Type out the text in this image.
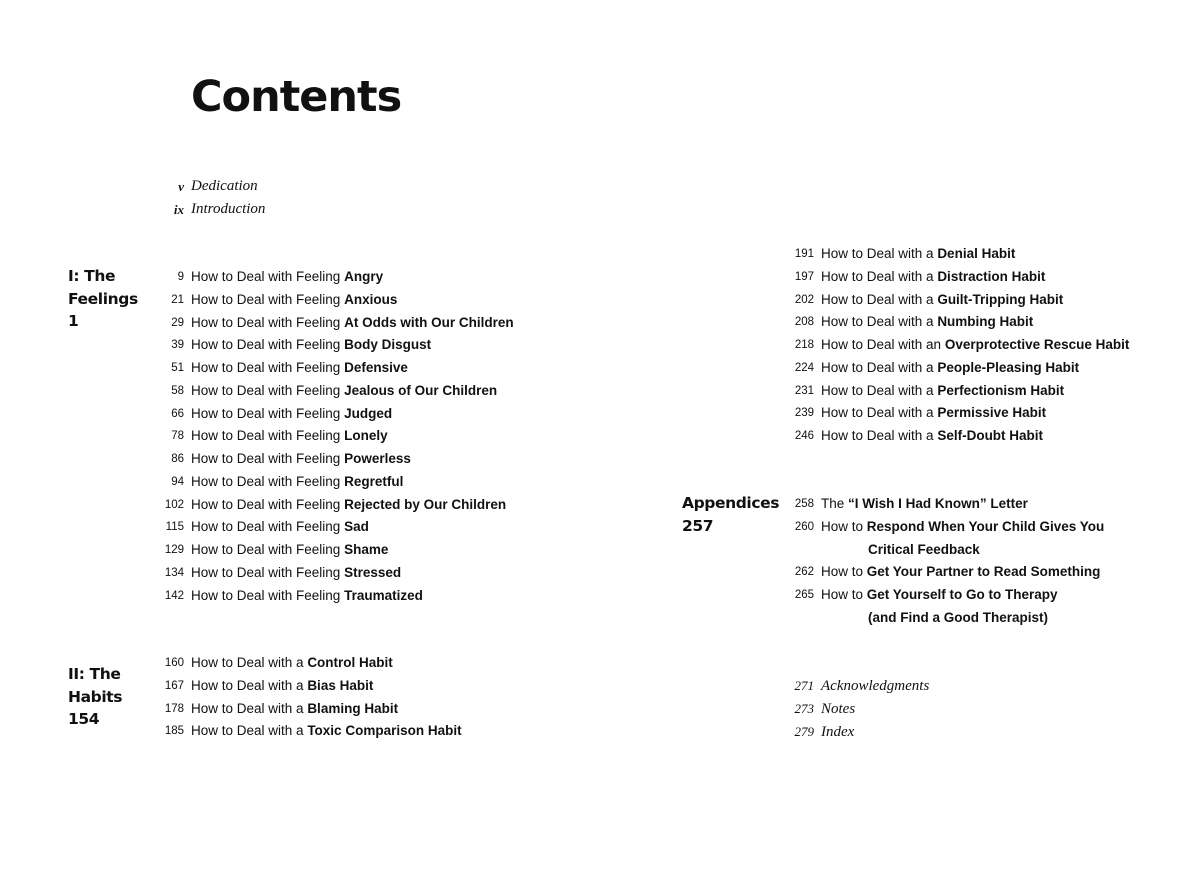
Contents
v Dedication
ix Introduction
I: The
Feelings
1
9 How to Deal with Feeling Angry
21 How to Deal with Feeling Anxious
29 How to Deal with Feeling At Odds with Our Children
39 How to Deal with Feeling Body Disgust
51 How to Deal with Feeling Defensive
58 How to Deal with Feeling Jealous of Our Children
66 How to Deal with Feeling Judged
78 How to Deal with Feeling Lonely
86 How to Deal with Feeling Powerless
94 How to Deal with Feeling Regretful
102 How to Deal with Feeling Rejected by Our Children
115 How to Deal with Feeling Sad
129 How to Deal with Feeling Shame
134 How to Deal with Feeling Stressed
142 How to Deal with Feeling Traumatized
II: The
Habits
154
160 How to Deal with a Control Habit
167 How to Deal with a Bias Habit
178 How to Deal with a Blaming Habit
185 How to Deal with a Toxic Comparison Habit
191 How to Deal with a Denial Habit
197 How to Deal with a Distraction Habit
202 How to Deal with a Guilt-Tripping Habit
208 How to Deal with a Numbing Habit
218 How to Deal with an Overprotective Rescue Habit
224 How to Deal with a People-Pleasing Habit
231 How to Deal with a Perfectionism Habit
239 How to Deal with a Permissive Habit
246 How to Deal with a Self-Doubt Habit
Appendices
257
258 The “I Wish I Had Known” Letter
260 How to Respond When Your Child Gives You
Critical Feedback
262 How to Get Your Partner to Read Something
265 How to Get Yourself to Go to Therapy
(and Find a Good Therapist)
271 Acknowledgments
273 Notes
279 Index
